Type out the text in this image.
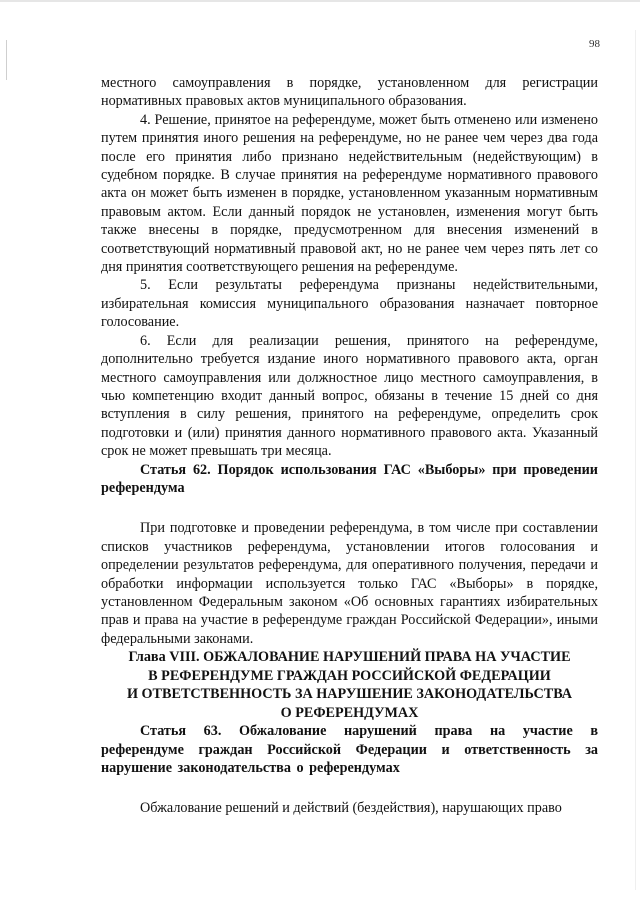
98

местного самоуправления в порядке, установленном для регистрации нормативных правовых актов муниципального образования.

4. Решение, принятое на референдуме, может быть отменено или изменено путем принятия иного решения на референдуме, но не ранее чем через два года после его принятия либо признано недействительным (недействующим) в судебном порядке. В случае принятия на референдуме нормативного правового акта он может быть изменен в порядке, установленном указанным нормативным правовым актом. Если данный порядок не установлен, изменения могут быть также внесены в порядке, предусмотренном для внесения изменений в соответствующий нормативный правовой акт, но не ранее чем через пять лет со дня принятия соответствующего решения на референдуме.

5. Если результаты референдума признаны недействительными, избирательная комиссия муниципального образования назначает повторное голосование.

6. Если для реализации решения, принятого на референдуме, дополнительно требуется издание иного нормативного правового акта, орган местного самоуправления или должностное лицо местного самоуправления, в чью компетенцию входит данный вопрос, обязаны в течение 15 дней со дня вступления в силу решения, принятого на референдуме, определить срок подготовки и (или) принятия данного нормативного правового акта. Указанный срок не может превышать три месяца.

Статья 62. Порядок использования ГАС «Выборы» при проведении референдума

При подготовке и проведении референдума, в том числе при составлении списков участников референдума, установлении итогов голосования и определении результатов референдума, для оперативного получения, передачи и обработки информации используется только ГАС «Выборы» в порядке, установленном Федеральным законом «Об основных гарантиях избирательных прав и права на участие в референдуме граждан Российской Федерации», иными федеральными законами.

Глава VIII. ОБЖАЛОВАНИЕ НАРУШЕНИЙ ПРАВА НА УЧАСТИЕ
В РЕФЕРЕНДУМЕ ГРАЖДАН РОССИЙСКОЙ ФЕДЕРАЦИИ
И ОТВЕТСТВЕННОСТЬ ЗА НАРУШЕНИЕ ЗАКОНОДАТЕЛЬСТВА
О РЕФЕРЕНДУМАХ

Статья 63. Обжалование нарушений права на участие в референдуме граждан Российской Федерации и ответственность за нарушение законодательства о референдумах

Обжалование решений и действий (бездействия), нарушающих право
